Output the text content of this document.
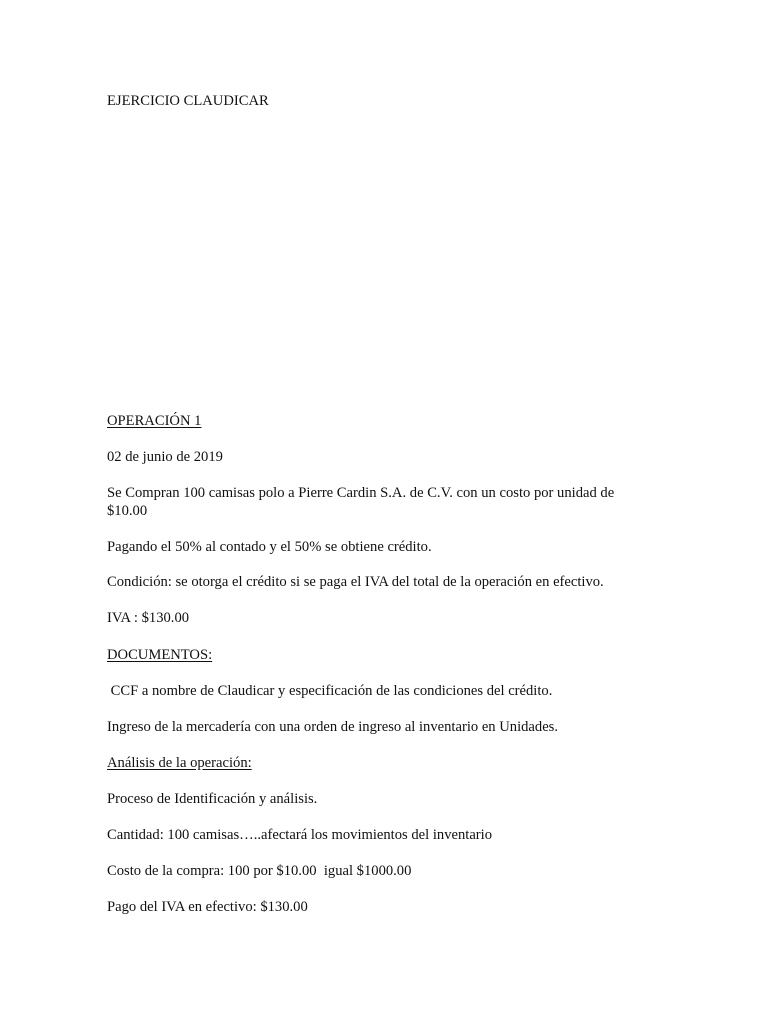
EJERCICIO CLAUDICAR
OPERACIÓN 1
02 de junio de 2019
Se Compran 100 camisas polo a Pierre Cardin S.A. de C.V. con un costo por unidad de
$10.00
Pagando el 50% al contado y el 50% se obtiene crédito.
Condición: se otorga el crédito si se paga el IVA del total de la operación en efectivo.
IVA : $130.00
DOCUMENTOS:
CCF a nombre de Claudicar y especificación de las condiciones del crédito.
Ingreso de la mercadería con una orden de ingreso al inventario en Unidades.
Análisis de la operación:
Proceso de Identificación y análisis.
Cantidad: 100 camisas…..afectará los movimientos del inventario
Costo de la compra: 100 por $10.00  igual $1000.00
Pago del IVA en efectivo: $130.00
